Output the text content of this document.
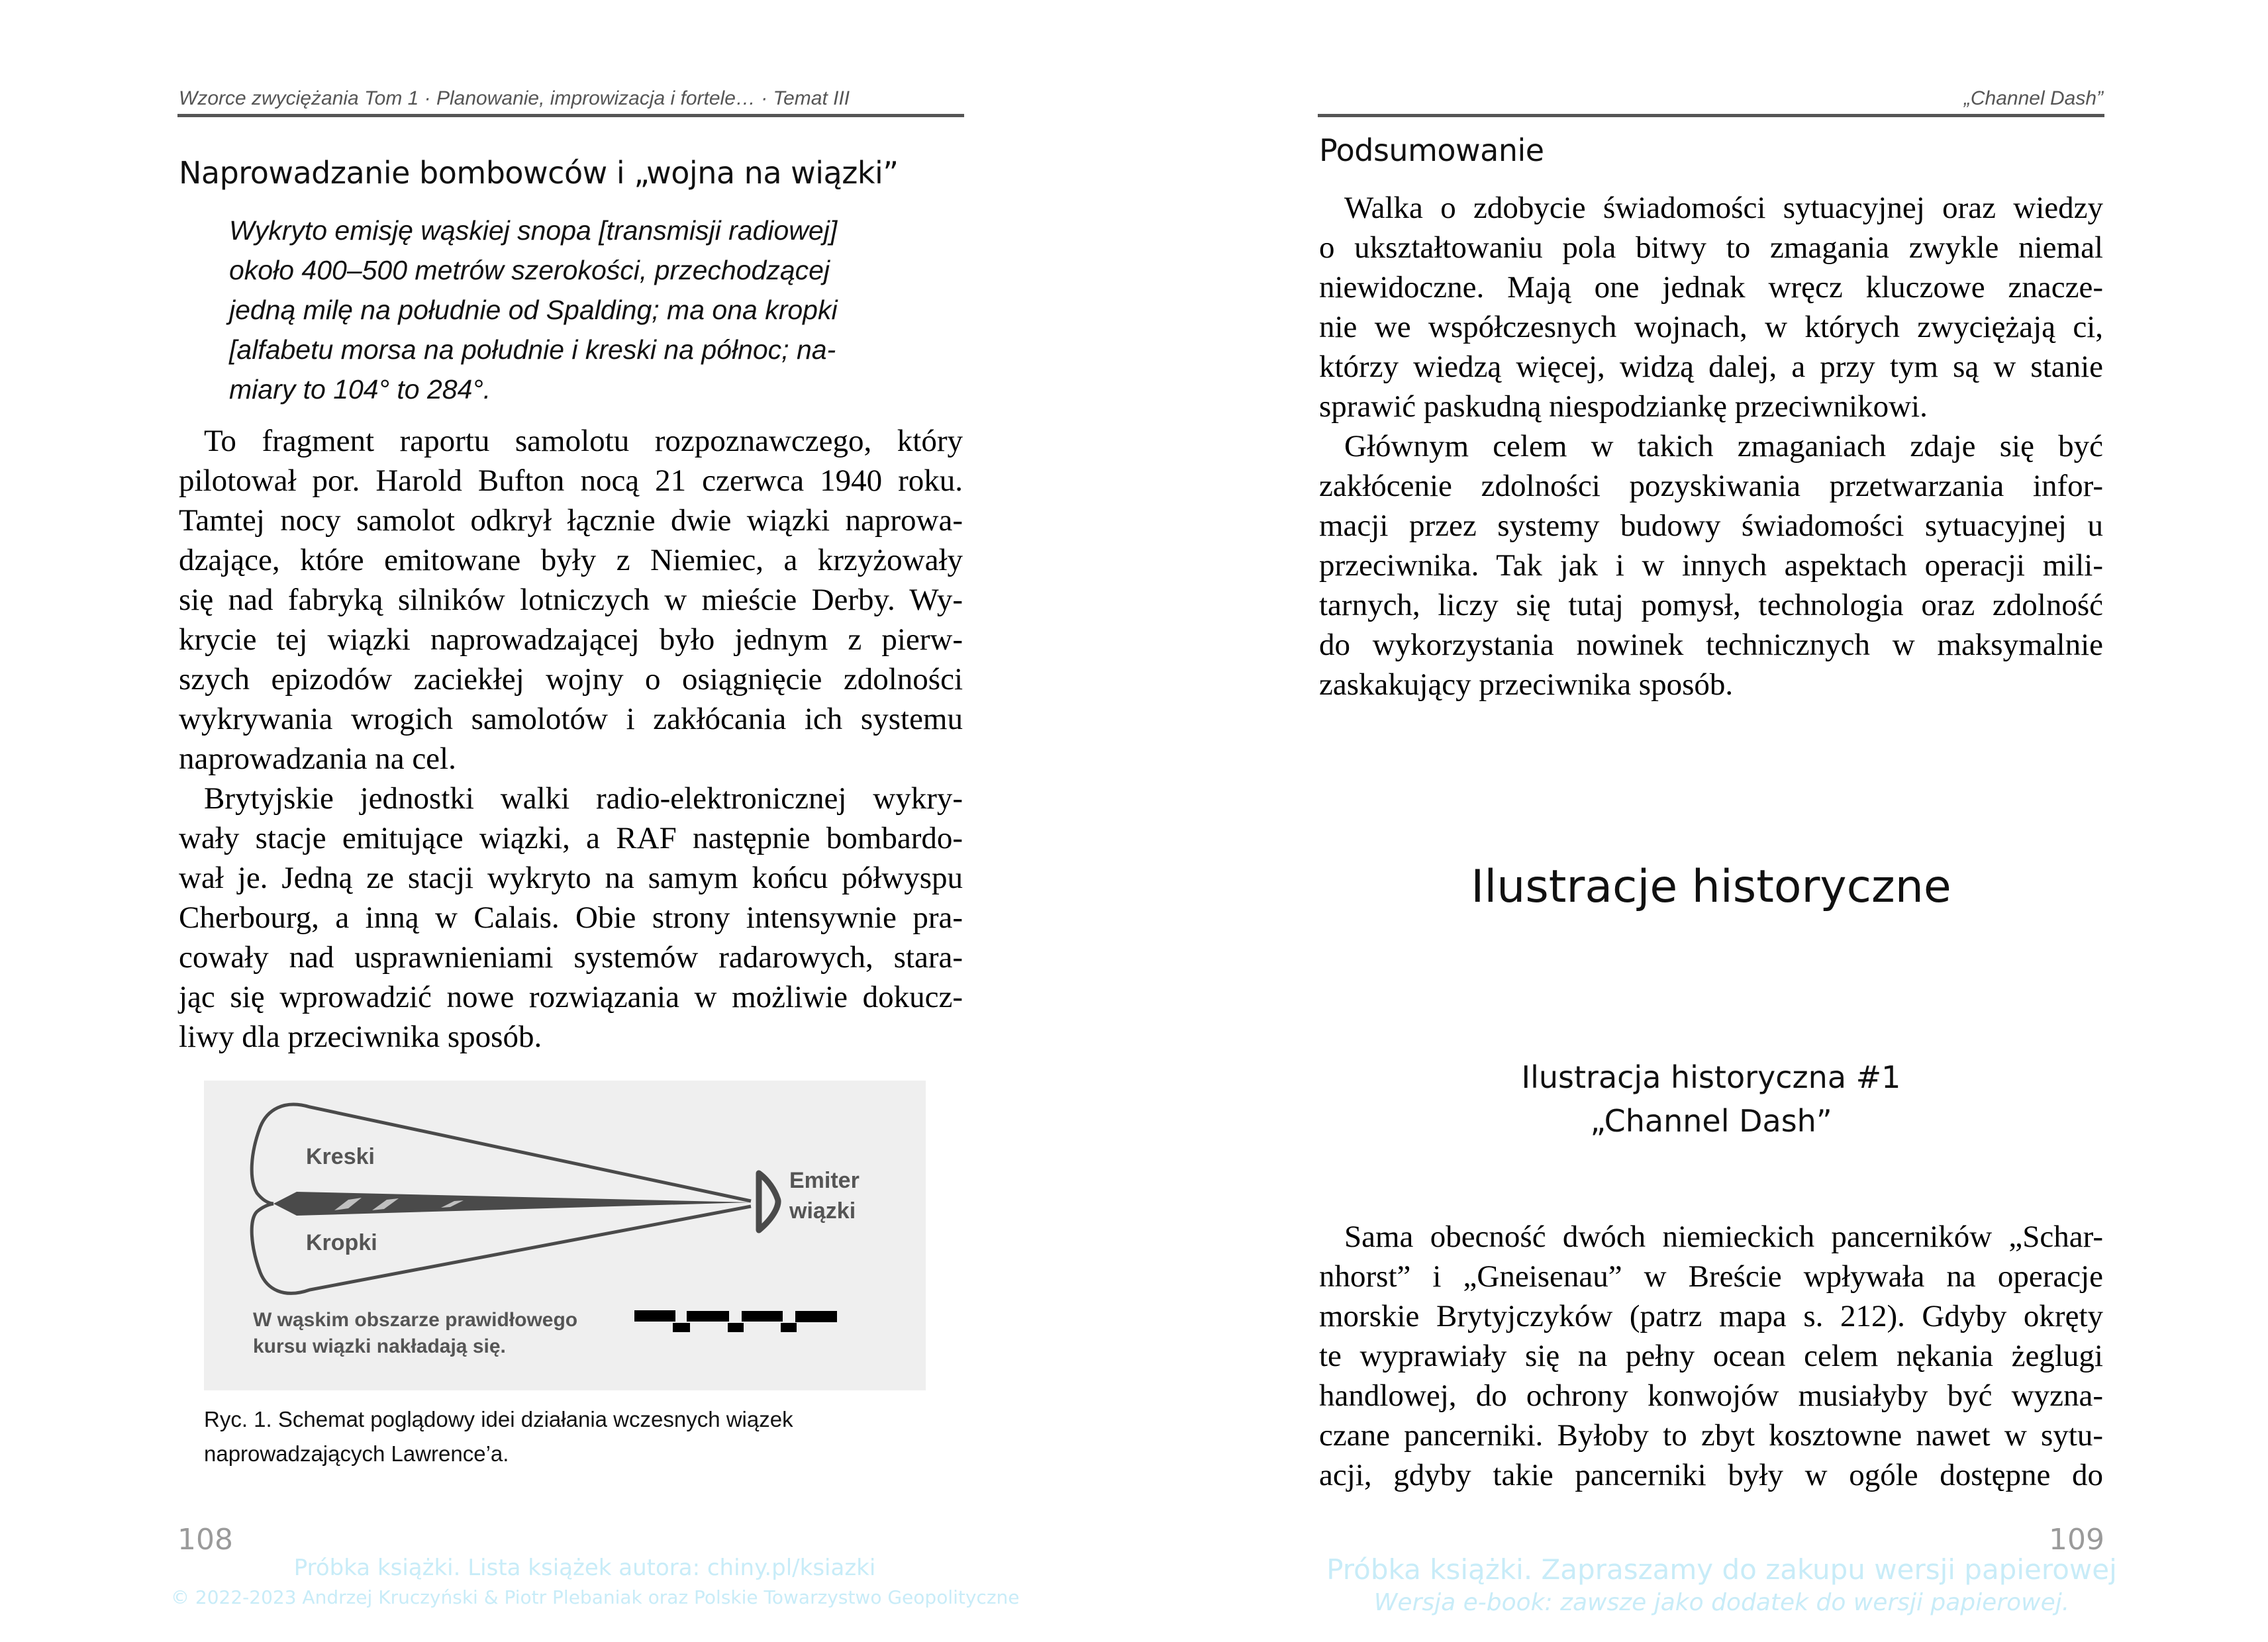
Wzorce zwyciężania Tom 1 · Planowanie, improwizacja i fortele… · Temat III
Naprowadzanie bombowców i „wojna na wiązki”
Wykryto emisję wąskiej snopa [transmisji radiowej]
około 400–500 metrów szerokości, przechodzącej
jedną milę na południe od Spalding; ma ona kropki
[alfabetu morsa na południe i kreski na północ; na-
miary to 104° to 284°.
To fragment raportu samolotu rozpoznawczego, który
pilotował por. Harold Bufton nocą 21 czerwca 1940 roku.
Tamtej nocy samolot odkrył łącznie dwie wiązki naprowa-
dzające, które emitowane były z Niemiec, a krzyżowały
się nad fabryką silników lotniczych w mieście Derby. Wy-
krycie tej wiązki naprowadzającej było jednym z pierw-
szych epizodów zaciekłej wojny o osiągnięcie zdolności
wykrywania wrogich samolotów i zakłócania ich systemu
naprowadzania na cel.
Brytyjskie jednostki walki radio-elektronicznej wykry-
wały stacje emitujące wiązki, a RAF następnie bombardo-
wał je. Jedną ze stacji wykryto na samym końcu półwyspu
Cherbourg, a inną w Calais. Obie strony intensywnie pra-
cowały nad usprawnieniami systemów radarowych, stara-
jąc się wprowadzić nowe rozwiązania w możliwie dokucz-
liwy dla przeciwnika sposób.
Kreski
Kropki
Emiter
wiązki
W wąskim obszarze prawidłowego
kursu wiązki nakładają się.
Ryc. 1. Schemat poglądowy idei działania wczesnych wiązek
naprowadzających Lawrence’a.
108
Próbka książki. Lista książek autora: chiny.pl/ksiazki
© 2022-2023 Andrzej Kruczyński & Piotr Plebaniak oraz Polskie Towarzystwo Geopolityczne
„Channel Dash”
Podsumowanie
Walka o zdobycie świadomości sytuacyjnej oraz wiedzy
o ukształtowaniu pola bitwy to zmagania zwykle niemal
niewidoczne. Mają one jednak wręcz kluczowe znacze-
nie we współczesnych wojnach, w których zwyciężają ci,
którzy wiedzą więcej, widzą dalej, a przy tym są w stanie
sprawić paskudną niespodziankę przeciwnikowi.
Głównym celem w takich zmaganiach zdaje się być
zakłócenie zdolności pozyskiwania przetwarzania infor-
macji przez systemy budowy świadomości sytuacyjnej u
przeciwnika. Tak jak i w innych aspektach operacji mili-
tarnych, liczy się tutaj pomysł, technologia oraz zdolność
do wykorzystania nowinek technicznych w maksymalnie
zaskakujący przeciwnika sposób.
Ilustracje historyczne
Ilustracja historyczna #1
„Channel Dash”
Sama obecność dwóch niemieckich pancerników „Schar-
nhorst” i „Gneisenau” w Breście wpływała na operacje
morskie Brytyjczyków (patrz mapa s. 212). Gdyby okręty
te wyprawiały się na pełny ocean celem nękania żeglugi
handlowej, do ochrony konwojów musiałyby być wyzna-
czane pancerniki. Byłoby to zbyt kosztowne nawet w sytu-
acji, gdyby takie pancerniki były w ogóle dostępne do
109
Próbka książki. Zapraszamy do zakupu wersji papierowej
Wersja e-book: zawsze jako dodatek do wersji papierowej.
